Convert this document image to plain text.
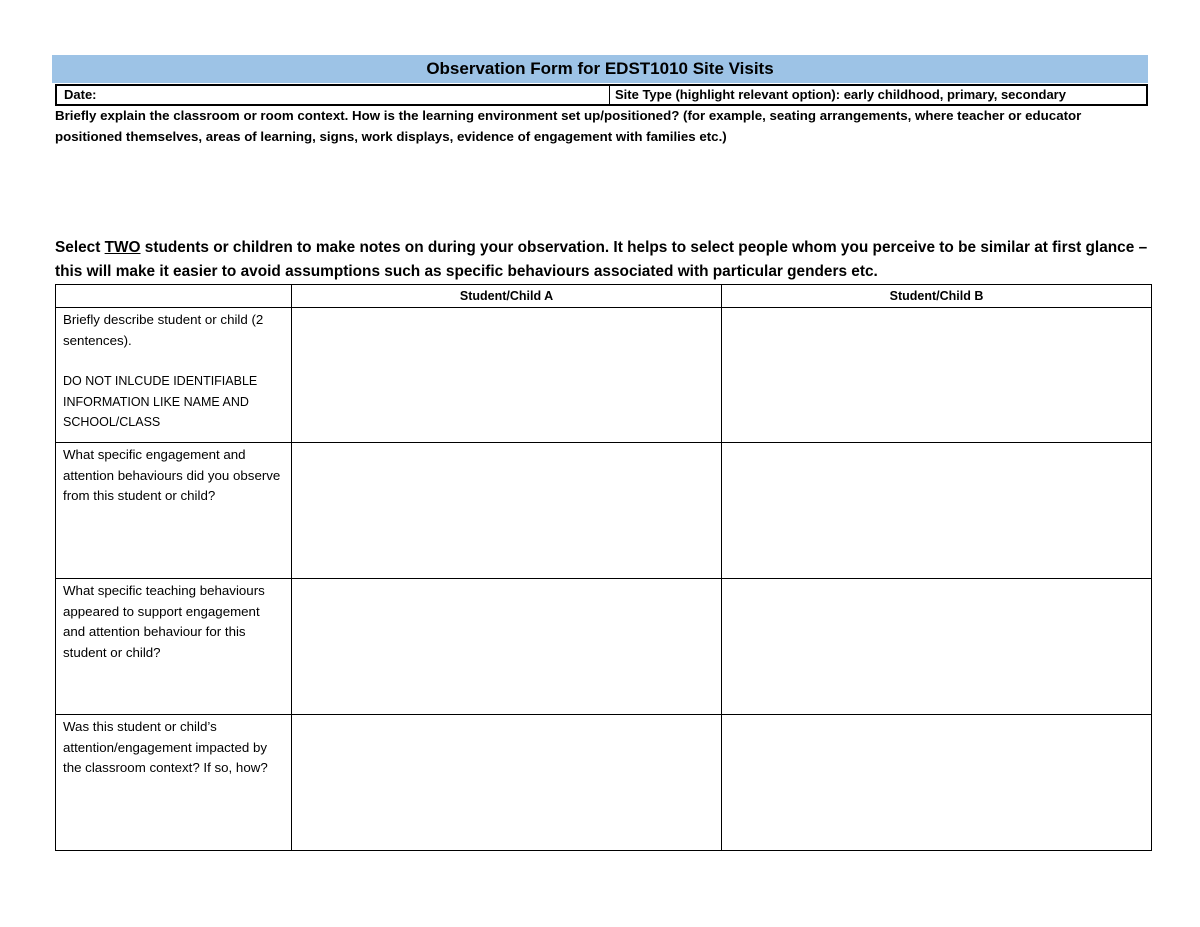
Observation Form for EDST1010 Site Visits
Date:	Site Type (highlight relevant option): early childhood, primary, secondary
Briefly explain the classroom or room context. How is the learning environment set up/positioned? (for example, seating arrangements, where teacher or educator positioned themselves, areas of learning, signs, work displays, evidence of engagement with families etc.)
Select TWO students or children to make notes on during your observation. It helps to select people whom you perceive to be similar at first glance – this will make it easier to avoid assumptions such as specific behaviours associated with particular genders etc.
	Student/Child A	Student/Child B

Briefly describe student or child (2 sentences).
DO NOT INLCUDE IDENTIFIABLE INFORMATION LIKE NAME AND SCHOOL/CLASS		

What specific engagement and attention behaviours did you observe from this student or child?		

What specific teaching behaviours appeared to support engagement and attention behaviour for this student or child?		

Was this student or child’s attention/engagement impacted by the classroom context? If so, how?		
